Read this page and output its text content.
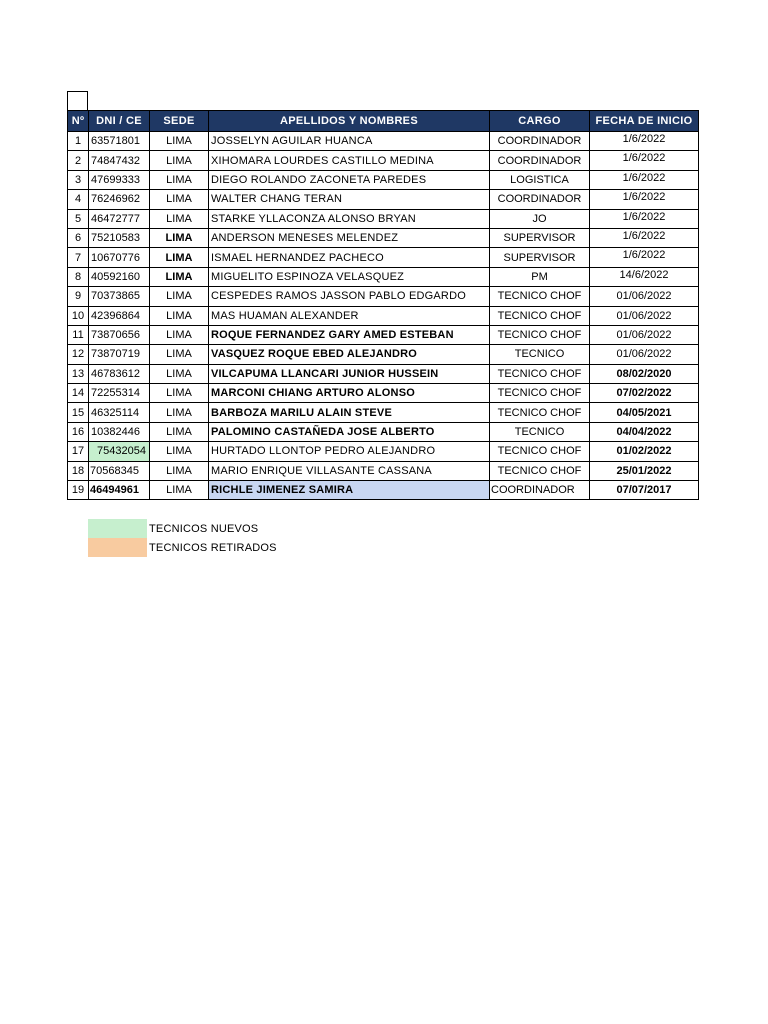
Nº	DNI / CE	SEDE	APELLIDOS Y NOMBRES	CARGO	FECHA DE INICIO
1	63571801	LIMA	JOSSELYN AGUILAR HUANCA	COORDINADOR	1/6/2022
2	74847432	LIMA	XIHOMARA LOURDES CASTILLO MEDINA	COORDINADOR	1/6/2022
3	47699333	LIMA	DIEGO ROLANDO ZACONETA PAREDES	LOGISTICA	1/6/2022
4	76246962	LIMA	WALTER CHANG TERAN	COORDINADOR	1/6/2022
5	46472777	LIMA	STARKE YLLACONZA ALONSO BRYAN	JO	1/6/2022
6	75210583	LIMA	ANDERSON MENESES MELENDEZ	SUPERVISOR	1/6/2022
7	10670776	LIMA	ISMAEL HERNANDEZ PACHECO	SUPERVISOR	1/6/2022
8	40592160	LIMA	MIGUELITO ESPINOZA VELASQUEZ	PM	14/6/2022
9	70373865	LIMA	CESPEDES RAMOS JASSON PABLO EDGARDO	TECNICO CHOF	01/06/2022
10	42396864	LIMA	MAS HUAMAN ALEXANDER	TECNICO CHOF	01/06/2022
11	73870656	LIMA	ROQUE FERNANDEZ GARY AMED ESTEBAN	TECNICO CHOF	01/06/2022
12	73870719	LIMA	VASQUEZ ROQUE EBED ALEJANDRO	TECNICO	01/06/2022
13	46783612	LIMA	VILCAPUMA LLANCARI JUNIOR HUSSEIN	TECNICO CHOF	08/02/2020
14	72255314	LIMA	MARCONI CHIANG ARTURO ALONSO	TECNICO CHOF	07/02/2022
15	46325114	LIMA	BARBOZA MARILU ALAIN STEVE	TECNICO CHOF	04/05/2021
16	10382446	LIMA	PALOMINO CASTAÑEDA JOSE ALBERTO	TECNICO	04/04/2022
17	75432054	LIMA	HURTADO LLONTOP PEDRO ALEJANDRO	TECNICO CHOF	01/02/2022
18	70568345	LIMA	MARIO ENRIQUE VILLASANTE CASSANA	TECNICO CHOF	25/01/2022
19	46494961	LIMA	RICHLE JIMENEZ SAMIRA	COORDINADOR	07/07/2017
TECNICOS NUEVOS
TECNICOS RETIRADOS
